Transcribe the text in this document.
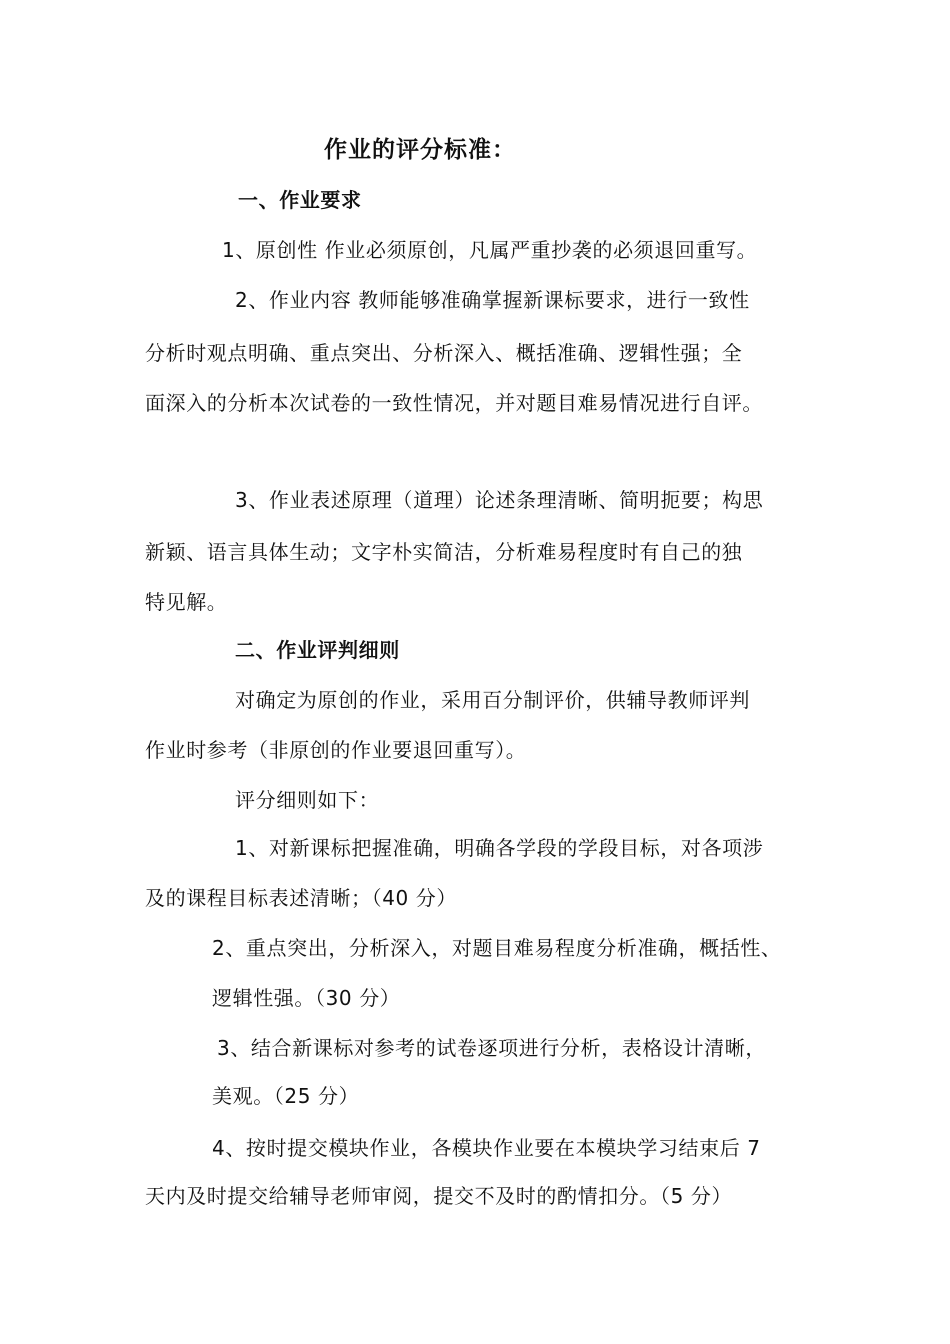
作业的评分标准：

一、作业要求

1、原创性 作业必须原创，凡属严重抄袭的必须退回重写。

2、作业内容 教师能够准确掌握新课标要求，进行一致性

分析时观点明确、重点突出、分析深入、概括准确、逻辑性强；全

面深入的分析本次试卷的一致性情况，并对题目难易情况进行自评。

3、作业表述原理（道理）论述条理清晰、简明扼要；构思

新颖、语言具体生动；文字朴实简洁，分析难易程度时有自己的独

特见解。

二、作业评判细则

对确定为原创的作业，采用百分制评价，供辅导教师评判

作业时参考（非原创的作业要退回重写）。

评分细则如下：

1、对新课标把握准确，明确各学段的学段目标，对各项涉

及的课程目标表述清晰；（40 分）

2、重点突出，分析深入，对题目难易程度分析准确，概括性、

逻辑性强。（30 分）

3、结合新课标对参考的试卷逐项进行分析，表格设计清晰，

美观。（25 分）

4、按时提交模块作业，各模块作业要在本模块学习结束后 7

天内及时提交给辅导老师审阅，提交不及时的酌情扣分。（5 分）
